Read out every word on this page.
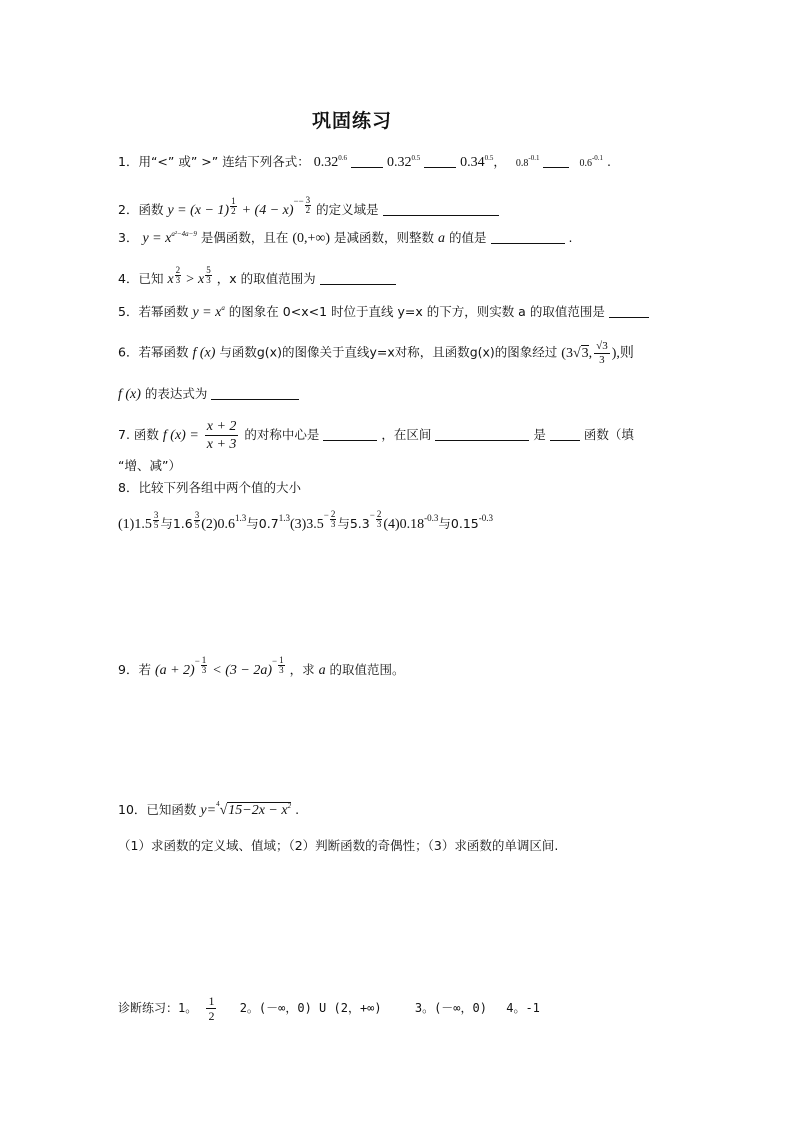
巩固练习
1．用“<” 或” >” 连结下列各式： $0.32^{0.6}$	$0.32^{0.5}$	$0.34^{0.5}$， $0.8^{-0.1}$	$0.6^{-0.1}$ .
2．函数 $y = (x - 1) \frac{1}{2} + (4 - x)-- 3$
2 的定义域是
3． $y = x^{a^2-4a-9}$ 是偶函数，且在 (0,+∞) 是减函数，则整数 a 的值是	.
4．已知 x $\frac{2}{3} > x \frac{5}{3}$ ，x 的取值范围为
5．若幂函数 $y = x^a$ 的图象在 0<x<1 时位于直线 y=x 的下方，则实数 a 的取值范围是
6．若幂函数 f (x) 与函数g(x)的图像关于直线y=x对称，且函数g(x)的图象经过 (3√3, $\frac{√3}{3}$ ),则
f (x) 的表达式为
7. 函数 f $(x) = \frac{x + 2}{x + 3}$ 的对称中心是	，在区间	是	函数（填
“增、减”）
8．比较下列各组中两个值的大小
$(1)1.5 \frac{3}{5}$ 与$1.6 \frac{3}{5} (2)0.6^{1.3}$与$0.7^{1.3}(3)3.5- 2$
3 与5.3− 2
3 $(4)0.18^{-0.3}$与$0.15^{-0.3}$
9．若 (a + 2)− 1
3 < (3 − 2a)− 1
3 ，求 a 的取值范围。
10．已知函数 $y=^4√15-2x - x^2$ .
（1）求函数的定义域、值域；（2）判断函数的奇偶性；（3）求函数的单调区间.
诊断练习：1。 $\frac{1}{2} 2$。(－∞，0) U (2，+∞)	3。(－∞，0) 4。-1
